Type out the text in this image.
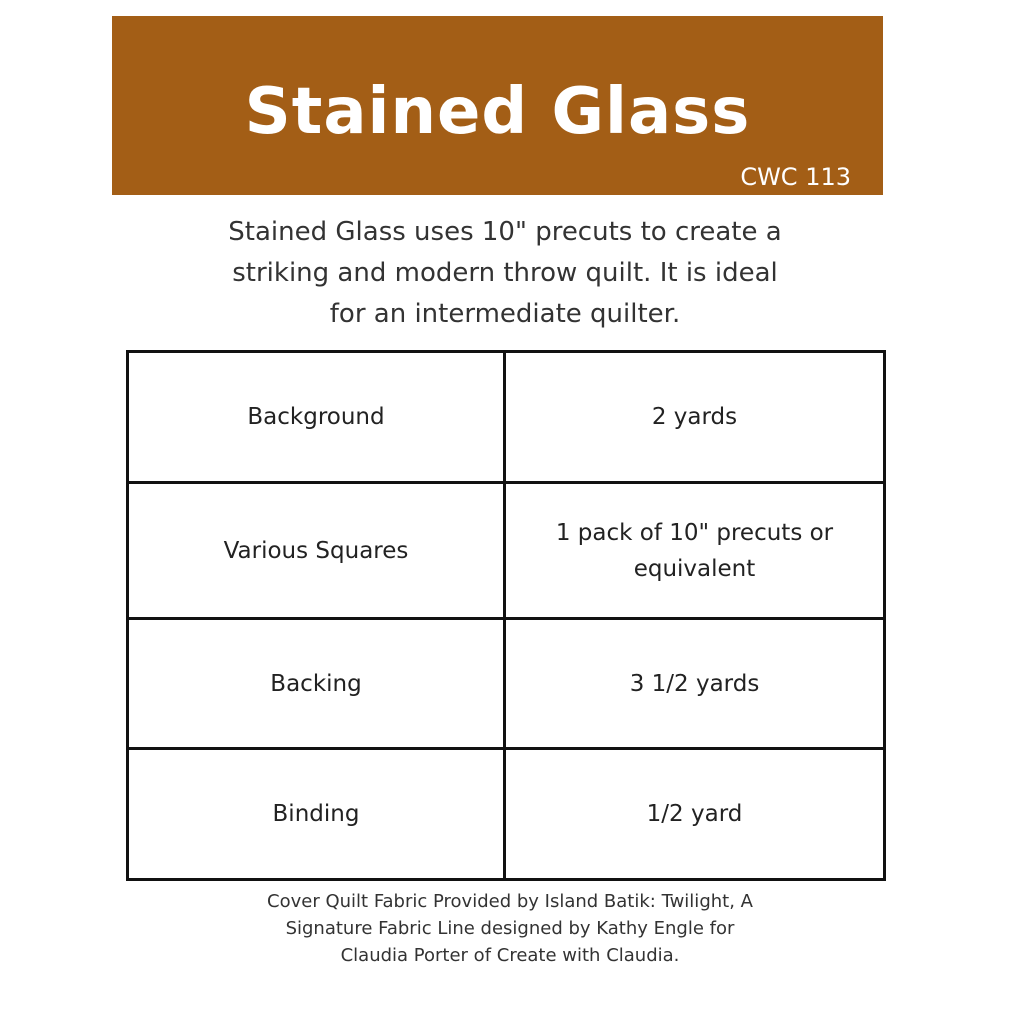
Stained Glass
CWC 113
Stained Glass uses 10" precuts to create a
striking and modern throw quilt. It is ideal
for an intermediate quilter.
Background	2 yards
Various Squares	1 pack of 10" precuts or
equivalent

Backing	3 1/2 yards
Binding	1/2 yard
Cover Quilt Fabric Provided by Island Batik: Twilight, A
Signature Fabric Line designed by Kathy Engle for
Claudia Porter of Create with Claudia.
